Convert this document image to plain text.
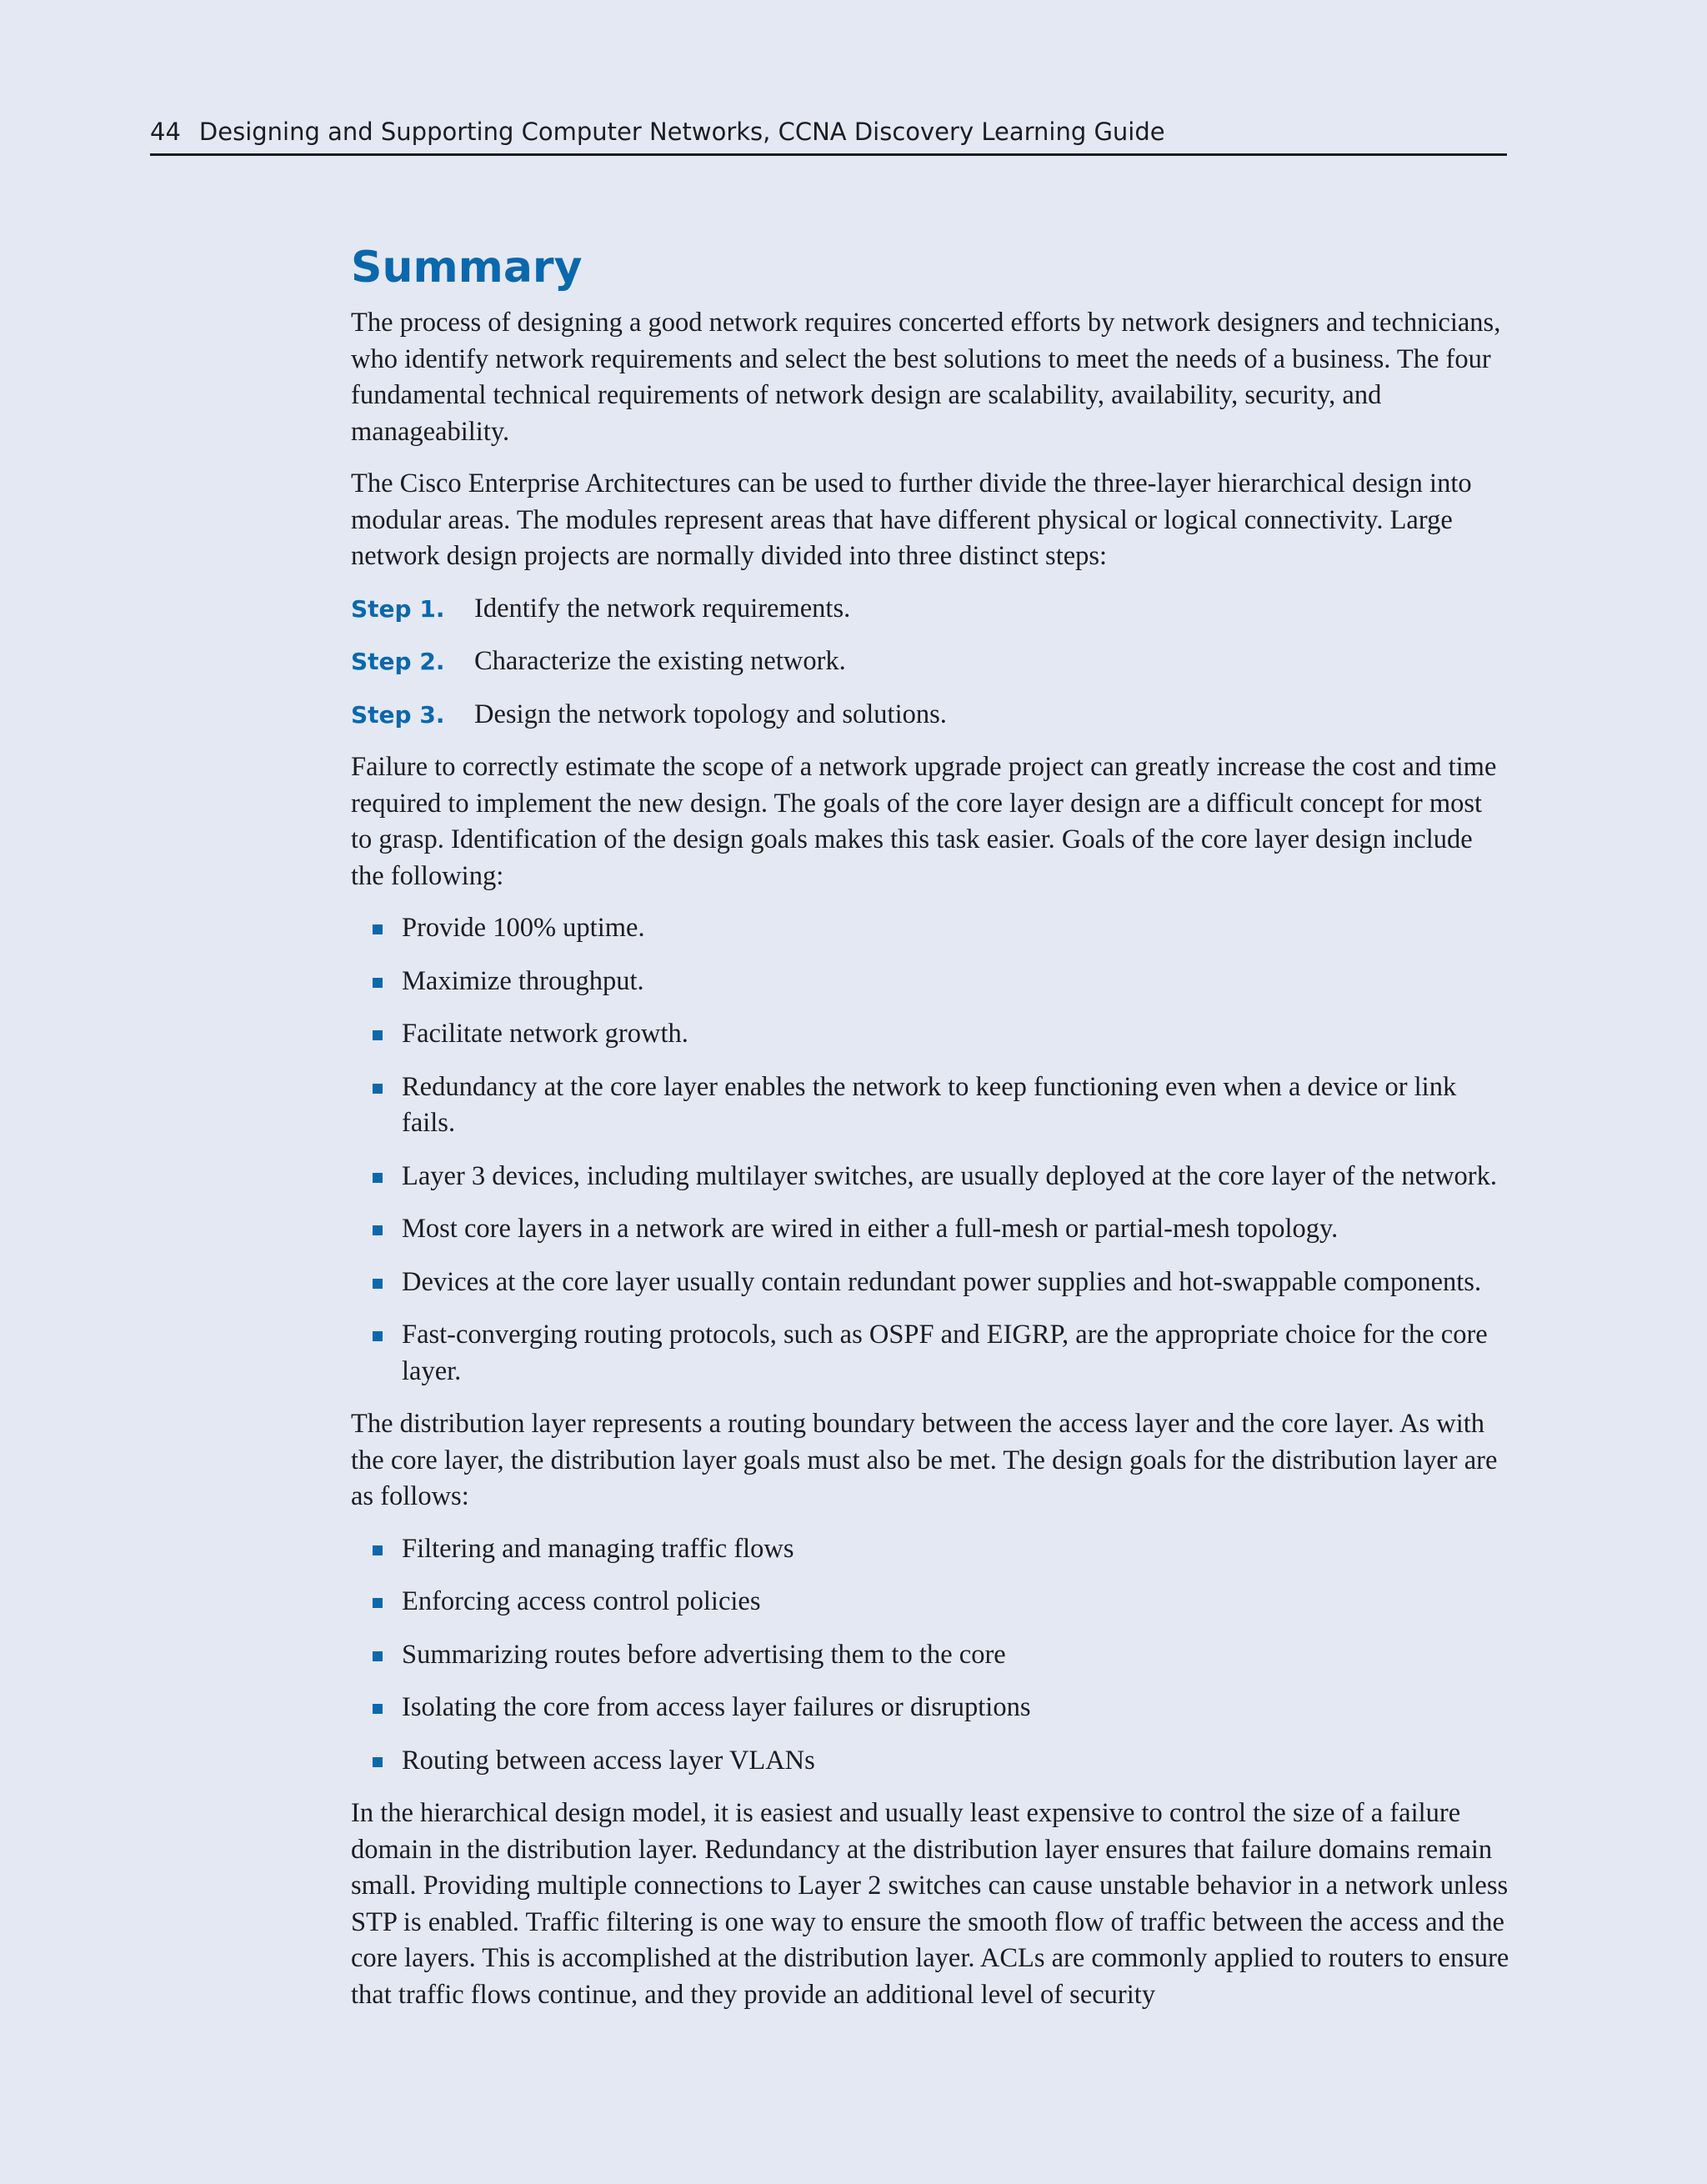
44 Designing and Supporting Computer Networks, CCNA Discovery Learning Guide
Summary

The process of designing a good network requires concerted efforts by network designers and technicians, who identify network requirements and select the best solutions to meet the needs of a business. The four fundamental technical requirements of network design are scalability, availability, security, and manageability.

The Cisco Enterprise Architectures can be used to further divide the three-layer hierarchical design into modular areas. The modules represent areas that have different physical or logical connectivity. Large network design projects are normally divided into three distinct steps:

Step 1.	Identify the network requirements.
Step 2.	Characterize the existing network.
Step 3.	Design the network topology and solutions.

Failure to correctly estimate the scope of a network upgrade project can greatly increase the cost and time required to implement the new design. The goals of the core layer design are a difficult concept for most to grasp. Identification of the design goals makes this task easier. Goals of the core layer design include the following:

Provide 100% uptime.
Maximize throughput.
Facilitate network growth.
Redundancy at the core layer enables the network to keep functioning even when a device or link fails.
Layer 3 devices, including multilayer switches, are usually deployed at the core layer of the network.
Most core layers in a network are wired in either a full-mesh or partial-mesh topology.
Devices at the core layer usually contain redundant power supplies and hot-swappable components.
Fast-converging routing protocols, such as OSPF and EIGRP, are the appropriate choice for the core layer.

The distribution layer represents a routing boundary between the access layer and the core layer. As with the core layer, the distribution layer goals must also be met. The design goals for the distribution layer are as follows:

Filtering and managing traffic flows
Enforcing access control policies
Summarizing routes before advertising them to the core
Isolating the core from access layer failures or disruptions
Routing between access layer VLANs

In the hierarchical design model, it is easiest and usually least expensive to control the size of a failure domain in the distribution layer. Redundancy at the distribution layer ensures that failure domains remain small. Providing multiple connections to Layer 2 switches can cause unstable behavior in a network unless STP is enabled. Traffic filtering is one way to ensure the smooth flow of traffic between the access and the core layers. This is accomplished at the distribution layer. ACLs are commonly applied to routers to ensure that traffic flows continue, and they provide an additional level of security
